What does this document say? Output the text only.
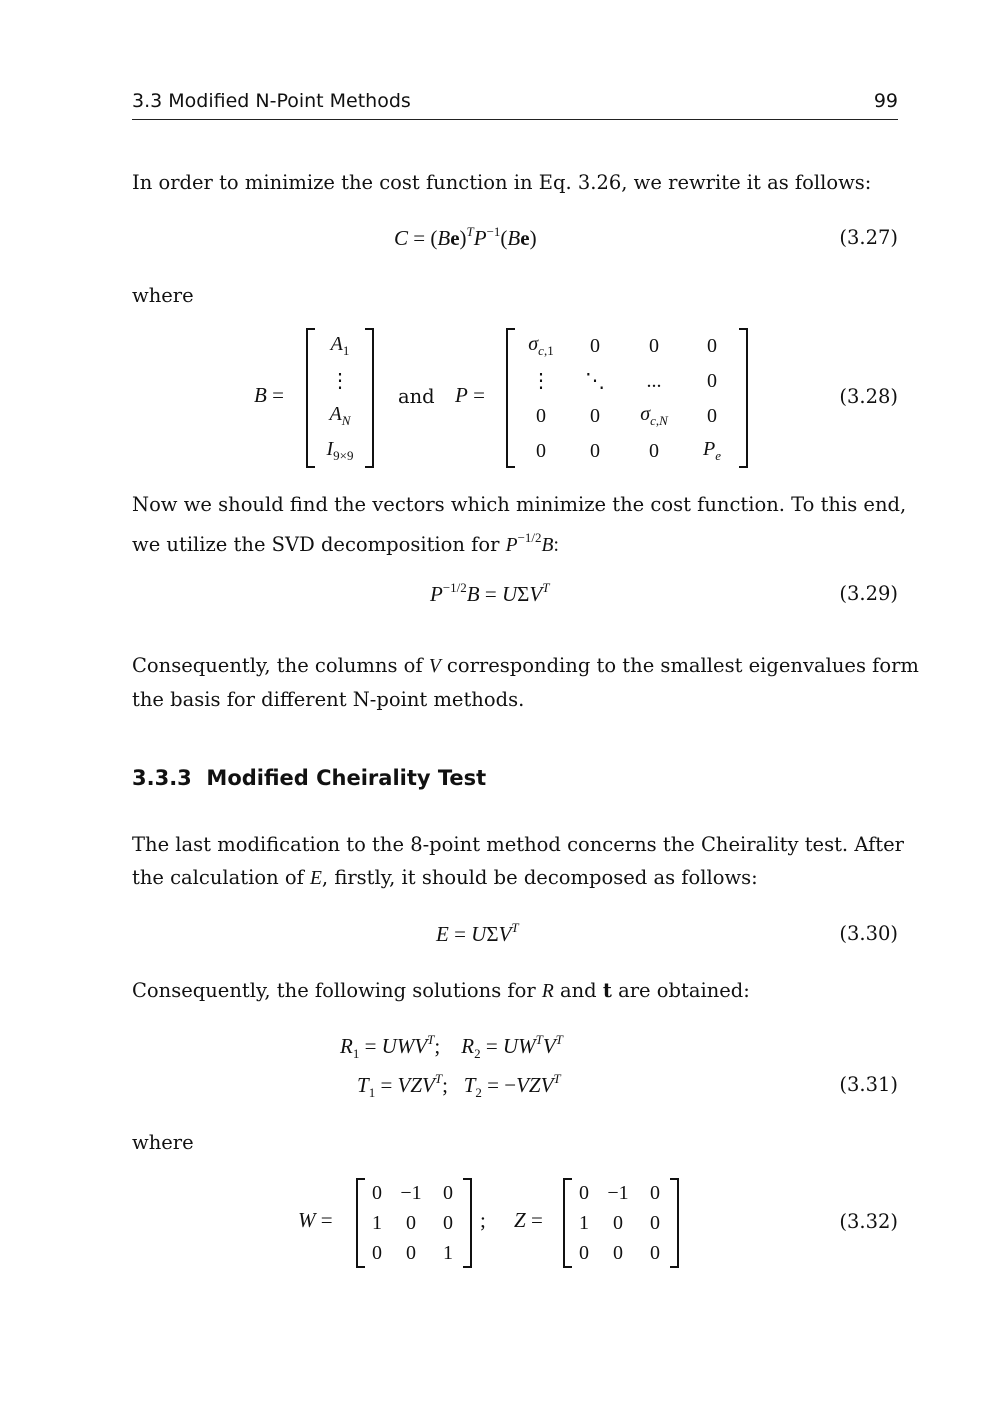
3.3 Modified N-Point Methods	99
In order to minimize the cost function in Eq. 3.26, we rewrite it as follows:
$C = (Be)^TP^{-1}(Be)$	(3.27)
where
B =
$A_1$
⋮
$A_N$
$I_{9\times 9}$
and P =
$\sigma_{c,1}$ 0 0 0
⋮ ⋱ ... 0
0 0 $\sigma_{c,N}$ 0
0 0 0 $P_e$
(3.28)
Now we should find the vectors which minimize the cost function. To this end,
we utilize the SVD decomposition for $P^{-1/2}B$:
$P^{-1/2}B = U\Sigma V^T$	(3.29)
Consequently, the columns of V corresponding to the smallest eigenvalues form
the basis for different N-point methods.
3.3.3 Modified Cheirality Test
The last modification to the 8-point method concerns the Cheirality test. After
the calculation of E, firstly, it should be decomposed as follows:
$E = U\Sigma V^T$	(3.30)
Consequently, the following solutions for R and t are obtained:
$R_1 = UWV^T$;    $R_2 = UW^TV^T$
$T_1 = VZV^T$;   $T_2 = -VZV^T$	(3.31)
where
W =
0 −1 0
1 0 0
0 0 1
; Z =
0 −1 0
1 0 0
0 0 0
(3.32)
